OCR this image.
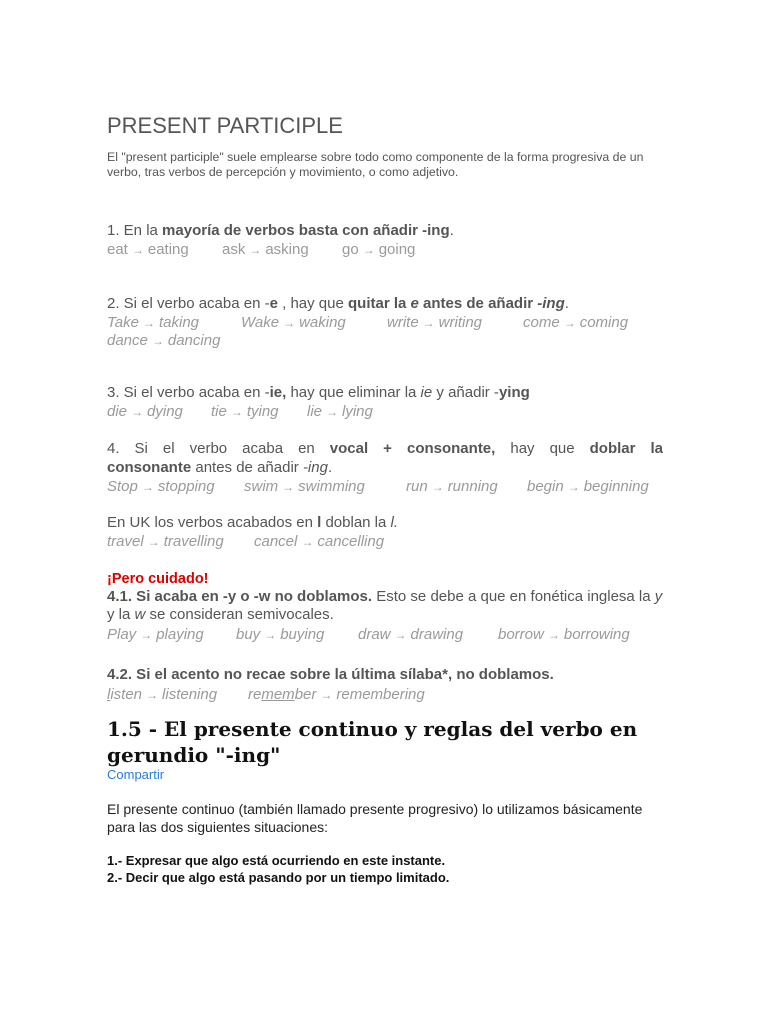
PRESENT PARTICIPLE
El "present participle" suele emplearse sobre todo como componente de la forma progresiva de un verbo, tras verbos de percepción y movimiento, o como adjetivo.
1. En la mayoría de verbos basta con añadir -ing.
eat → eating ask → asking go → going
2. Si el verbo acaba en -e , hay que quitar la e antes de añadir -ing.
Take → taking	Wake → waking	write → writing	come → coming
dance → dancing
3. Si el verbo acaba en -ie, hay que eliminar la ie y añadir -ying
die → dying tie → tying lie → lying
4. Si el verbo acaba en vocal + consonante, hay que doblar la
consonante antes de añadir -ing.
Stop → stopping swim → swimming	run → running begin → beginning
En UK los verbos acabados en l doblan la l.
travel → travelling cancel → cancelling
¡Pero cuidado!
4.1. Si acaba en -y o -w no doblamos. Esto se debe a que en fonética inglesa la y y la w se consideran semivocales.
Play → playing buy → buying draw → drawing borrow → borrowing
4.2. Si el acento no recae sobre la última sílaba*, no doblamos.
listen → listening remember → remembering
1.5 - El presente continuo y reglas del verbo en gerundio "-ing"
Compartir
El presente continuo (también llamado presente progresivo) lo utilizamos básicamente para las dos siguientes situaciones:
1.- Expresar que algo está ocurriendo en este instante.
2.- Decir que algo está pasando por un tiempo limitado.
